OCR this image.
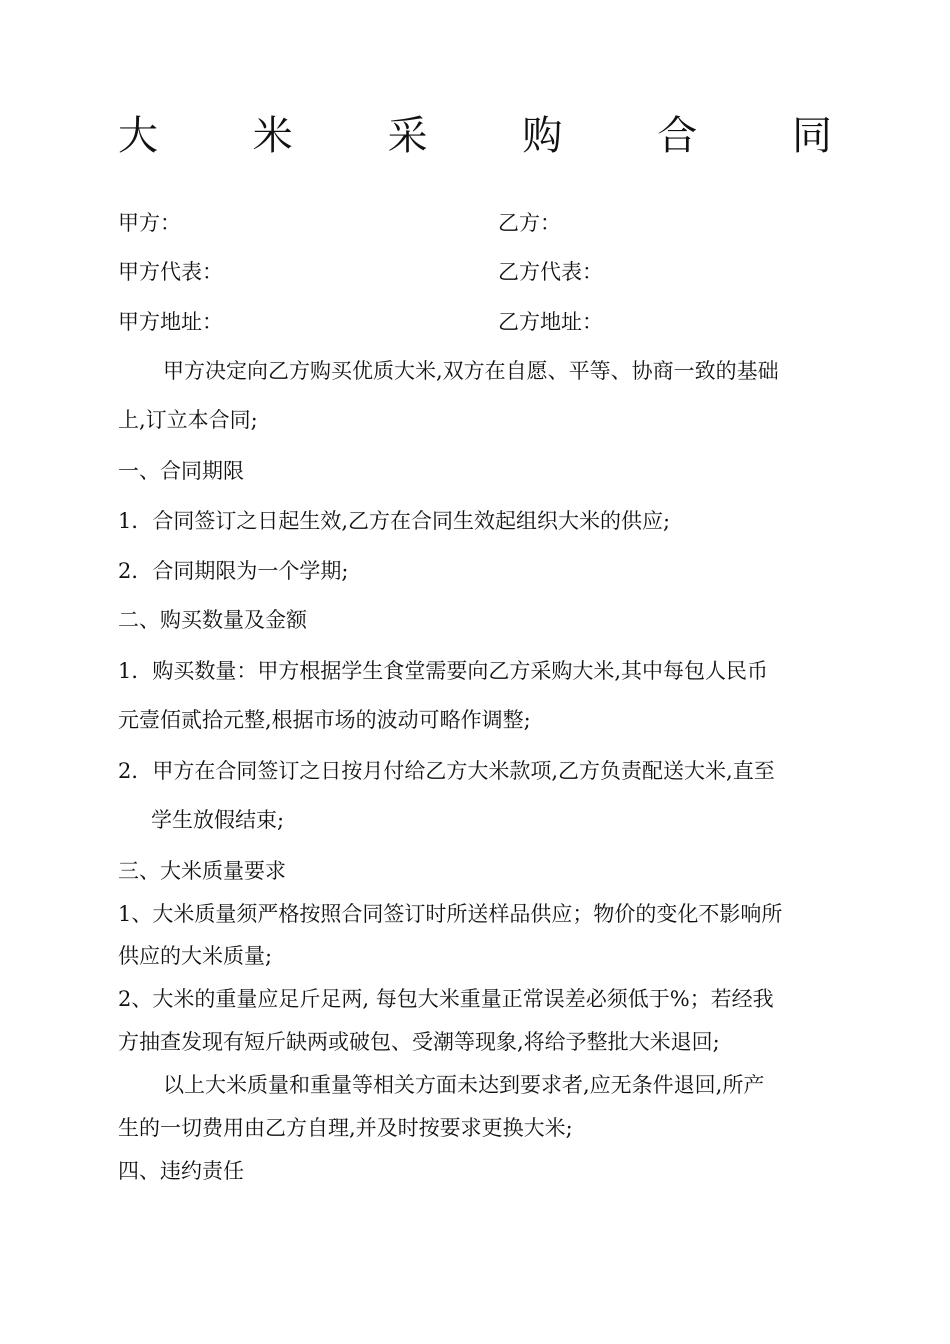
大 米 采 购 合 同
甲方：	乙方：
甲方代表：	乙方代表：
甲方地址：	乙方地址：
甲方决定向乙方购买优质大米,双方在自愿、平等、协商一致的基础
上,订立本合同;
一、合同期限
1．合同签订之日起生效,乙方在合同生效起组织大米的供应;
2．合同期限为一个学期;
二、购买数量及金额
1．购买数量：甲方根据学生食堂需要向乙方采购大米,其中每包人民币
元壹佰贰拾元整,根据市场的波动可略作调整;
2．甲方在合同签订之日按月付给乙方大米款项,乙方负责配送大米,直至
学生放假结束;
三、大米质量要求
1、大米质量须严格按照合同签订时所送样品供应；物价的变化不影响所
供应的大米质量;
2、大米的重量应足斤足两, 每包大米重量正常误差必须低于%；若经我
方抽查发现有短斤缺两或破包、受潮等现象,将给予整批大米退回;
以上大米质量和重量等相关方面未达到要求者,应无条件退回,所产
生的一切费用由乙方自理,并及时按要求更换大米;
四、违约责任
